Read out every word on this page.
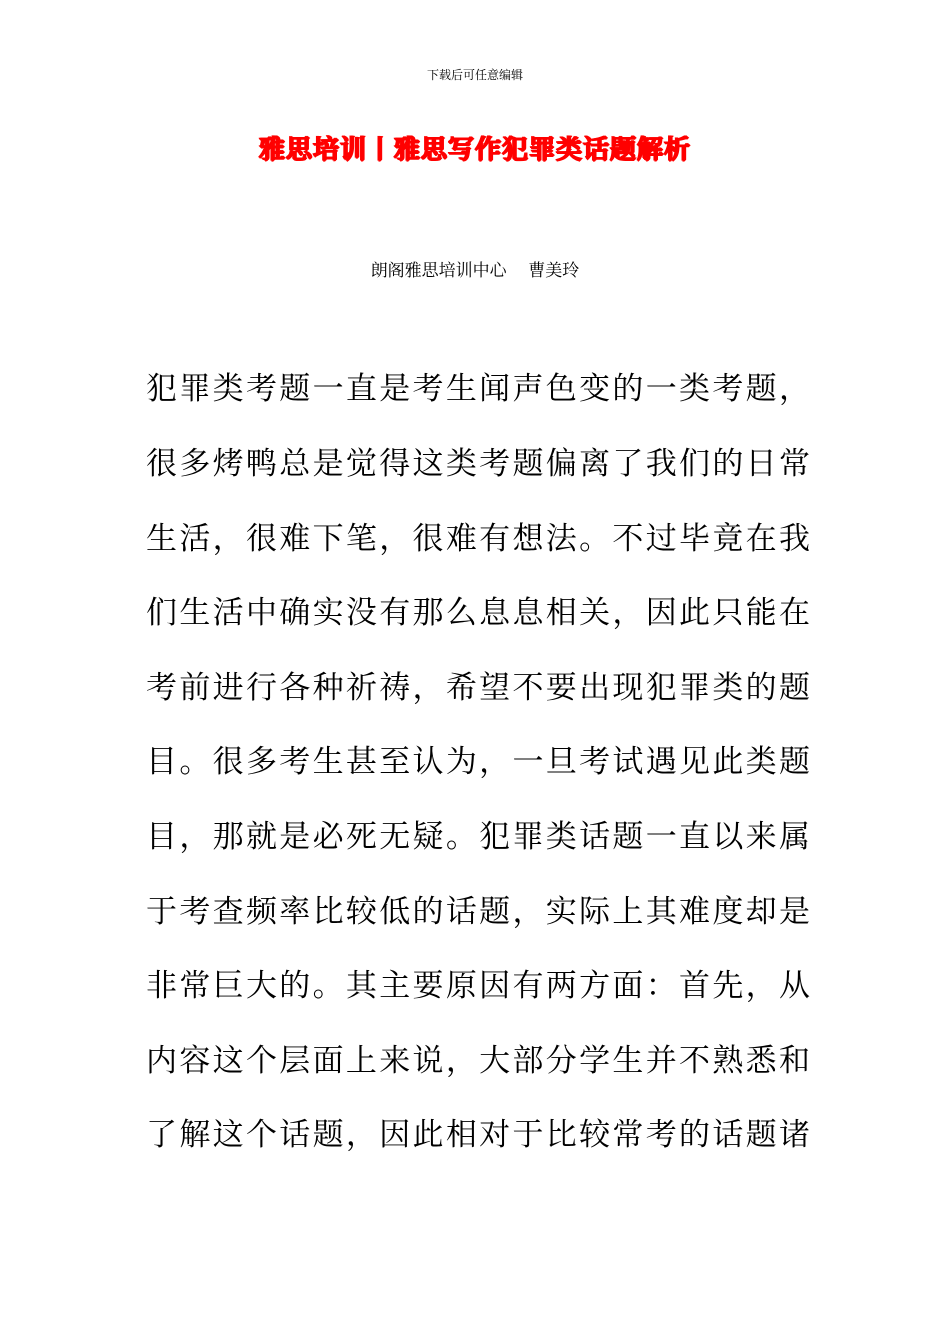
下载后可任意编辑
雅思培训丨雅思写作犯罪类话题解析
朗阁雅思培训中心    曹美玲
犯罪类考题一直是考生闻声色变的一类考题，
很多烤鸭总是觉得这类考题偏离了我们的日常
生活，很难下笔，很难有想法。不过毕竟在我
们生活中确实没有那么息息相关，因此只能在
考前进行各种祈祷，希望不要出现犯罪类的题
目。很多考生甚至认为，一旦考试遇见此类题
目，那就是必死无疑。犯罪类话题一直以来属
于考查频率比较低的话题，实际上其难度却是
非常巨大的。其主要原因有两方面：首先，从
内容这个层面上来说，大部分学生并不熟悉和
了解这个话题，因此相对于比较常考的话题诸
